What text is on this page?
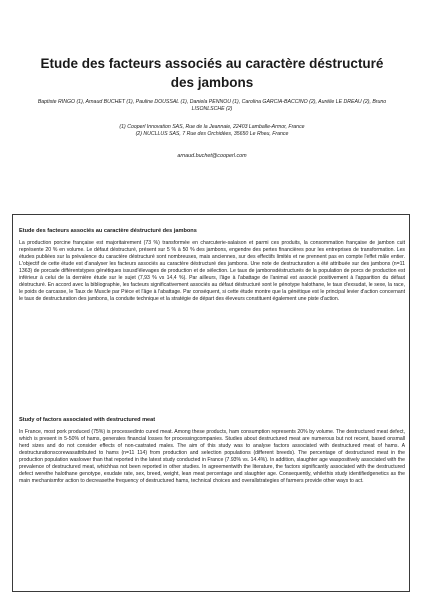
Etude des facteurs associés au caractère déstructuré des jambons
Baptiste RINGO (1), Arnaud BUCHET (1), Pauline DOUSSAL (1), Daniela PENNOU (1), Carolina GARCIA-BACCINO (2), Aurélie LE DREAU (2), Bruno LISONLSCHE (2)
(1) Cooperl Innovation SAS, Rue de la Jeannaie, 22403 Lamballe-Armor, France
(2) NUCLLUS SAS, 7 Rue des Orchidées, 35650 Le Rheu, France
arnaud.buchet@cooperl.com
Etude des facteurs associés au caractère déstructuré des jambons

La production porcine française est majoritairement (73 %) transformée en charcuterie-salaison et parmi ces produits, la consommation française de jambon cuit représente 20 % en volume. Le défaut déstructuré, présent sur 5 % à 50 % des jambons, engendre des pertes financières pour les entreprises de transformation. Les études publiées sur la prévalence du caractère déstructuré sont nombreuses, mais anciennes, sur des effectifs limités et ne prennent pas en compte l'effet mâle entier. L'objectif de cette étude est d'analyser les facteurs associés au caractère déstructuré des jambons. Une note de destructuration a été attribuée sur des jambons (n=11 1363) de porcade différentstypes génétiques issusd'élevages de production et de sélection. Le taux de jambonsdéstructurés de la population de porcs de production est inférieur à celui de la dernière étude sur le sujet (7,93 % vs 14,4 %). Par ailleurs, l'âge à l'abattage de l'animal est associé positivement à l'apparition du défaut déstructuré. En accord avec la bibliographie, les facteurs significativement associés au défaut déstructuré sont le génotype halothane, le taux d'exsudat, le sexe, la race, le poids de carcasse, le Taux de Muscle par Pièce et l'âge à l'abattage. Par conséquent, si cette étude montre que la génétique est le principal levier d'action concernant le taux de destructuration des jambons, la conduite technique et la stratégie de départ des éleveurs constituent également une piste d'action.

Study of factors associated with destructured meat

In France, most pork produced (75%) is processedinto cured meat. Among these products, ham consumption represents 20% by volume. The destructured meat defect, which is present in 5-50% of hams, generates financial losses for processingcompanies. Studies about destructured meat are numerous but not recent, based onsmall herd sizes and do not consider effects of non-castrated males. The aim of this study was to analyse factors associated with destructured meat of hams. A destructurationscorewasattributed to hams (n=11 114) from production and selection populations (different breeds). The percentage of destructured meat in the production population waslower than that reported in the latest study conducted in France (7.93% vs. 14.4%). In addition, slaughter age waspositively associated with the prevalence of destructured meat, whichhas not been reported in other studies. In agreementwith the literature, the factors significantly associated with the destructured defect werethe halothane genotype, exudate rate, sex, breed, weight, lean meat percentage and slaughter age. Consequently, whilethis study identifiedgenetics as the main mechanismfor action to decreasethe frequency of destructured hams, technical choices and overallstrategies of farmers provide other ways to act.
